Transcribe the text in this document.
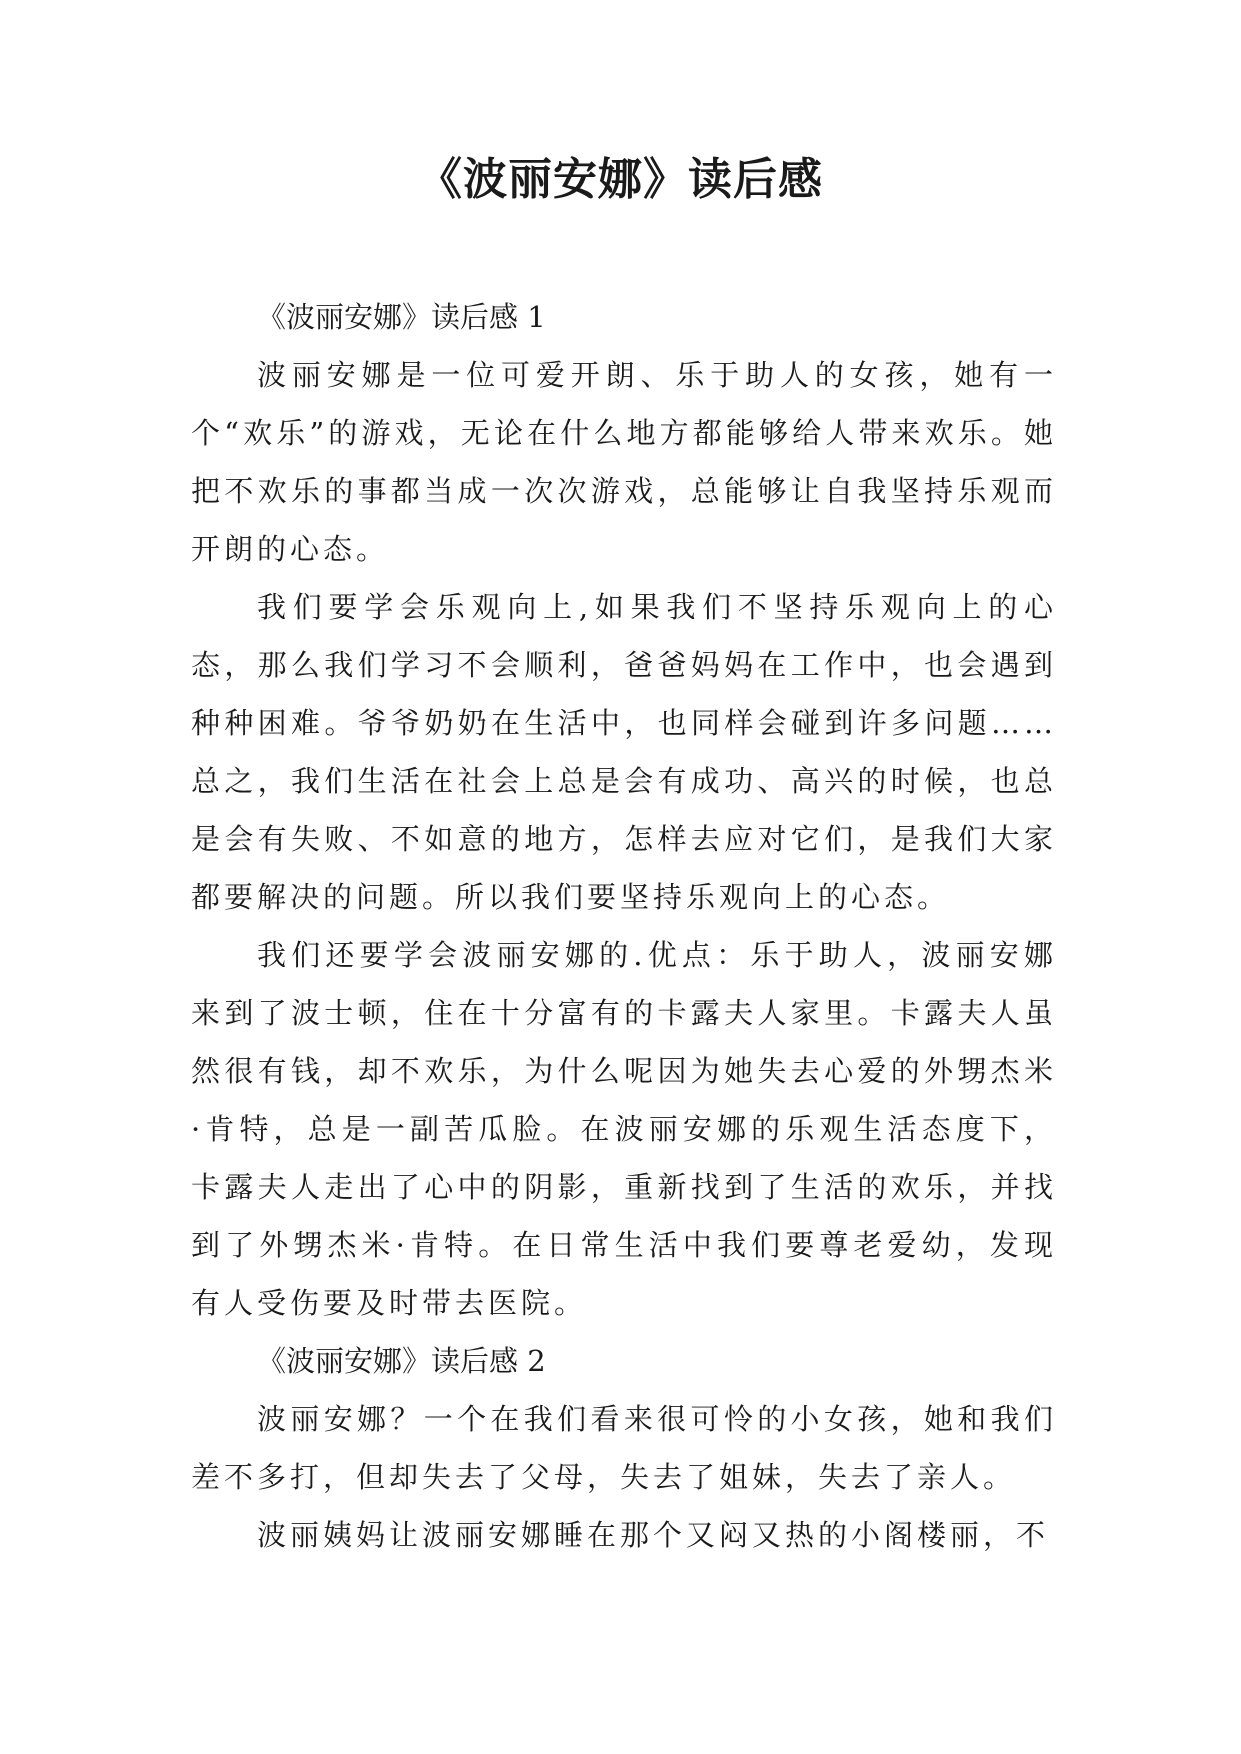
《波丽安娜》读后感

《波丽安娜》读后感 1

波丽安娜是一位可爱开朗、乐于助人的女孩，她有一个“欢乐”的游戏，无论在什么地方都能够给人带来欢乐。她把不欢乐的事都当成一次次游戏，总能够让自我坚持乐观而开朗的心态。

我们要学会乐观向上,如果我们不坚持乐观向上的心态，那么我们学习不会顺利，爸爸妈妈在工作中，也会遇到种种困难。爷爷奶奶在生活中，也同样会碰到许多问题……总之，我们生活在社会上总是会有成功、高兴的时候，也总是会有失败、不如意的地方，怎样去应对它们，是我们大家都要解决的问题。所以我们要坚持乐观向上的心态。

我们还要学会波丽安娜的.优点：乐于助人，波丽安娜来到了波士顿，住在十分富有的卡露夫人家里。卡露夫人虽然很有钱，却不欢乐，为什么呢因为她失去心爱的外甥杰米·肯特，总是一副苦瓜脸。在波丽安娜的乐观生活态度下，卡露夫人走出了心中的阴影，重新找到了生活的欢乐，并找到了外甥杰米·肯特。在日常生活中我们要尊老爱幼，发现有人受伤要及时带去医院。

《波丽安娜》读后感 2

波丽安娜？一个在我们看来很可怜的小女孩，她和我们差不多打，但却失去了父母，失去了姐妹，失去了亲人。

波丽姨妈让波丽安娜睡在那个又闷又热的小阁楼丽，不
